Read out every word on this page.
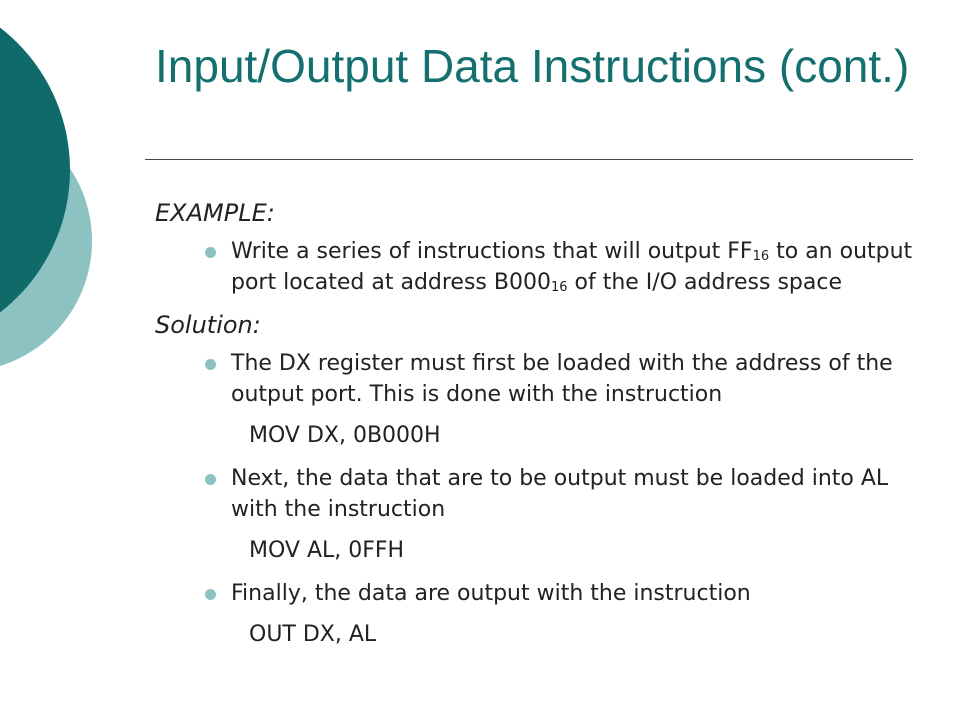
Input/Output Data Instructions (cont.)
EXAMPLE:
Write a series of instructions that will output $FF_{16}$ to an output port located at address $B000_{16}$ of the I/O address space
Solution:
The DX register must first be loaded with the address of the output port. This is done with the instruction
MOV DX, 0B000H
Next, the data that are to be output must be loaded into AL with the instruction
MOV AL, 0FFH
Finally, the data are output with the instruction
OUT DX, AL
